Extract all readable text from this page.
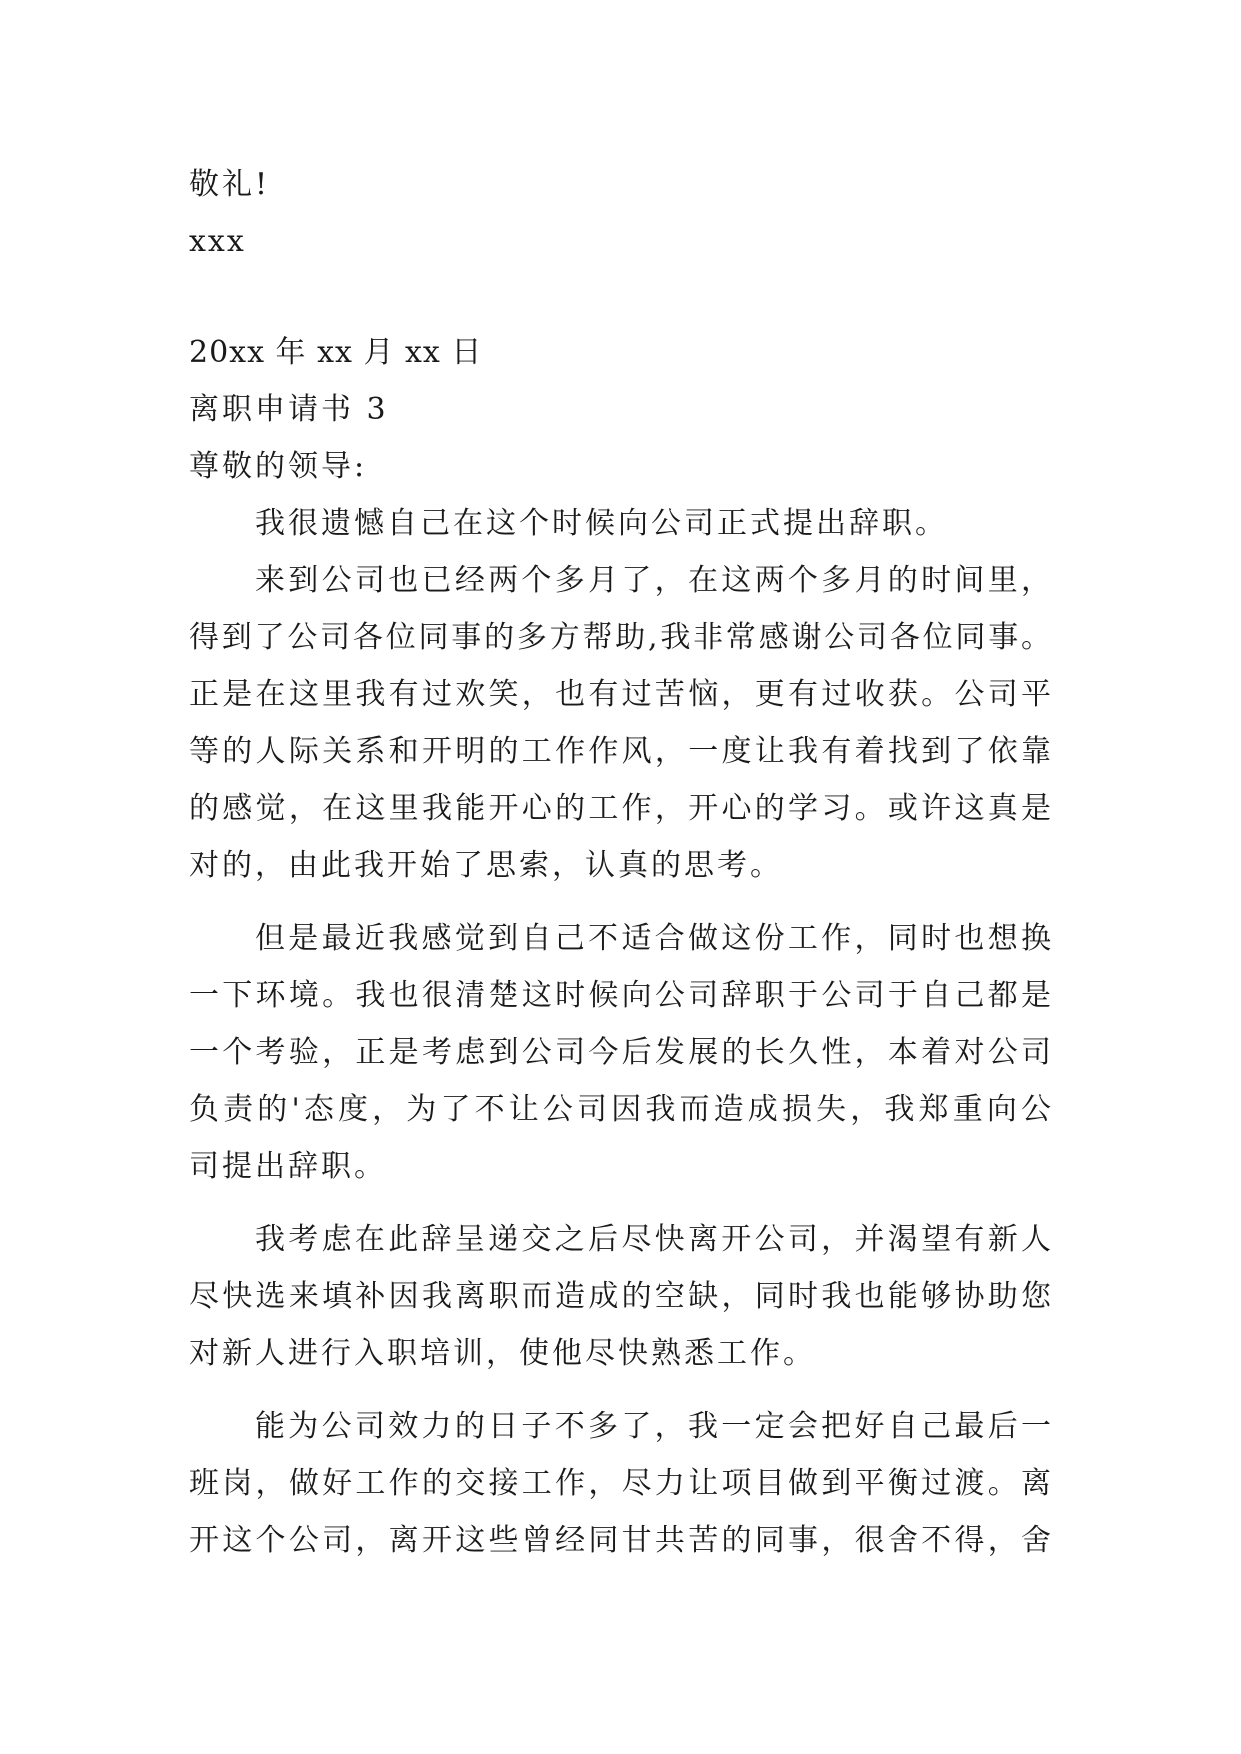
敬礼!
xxx
20xx 年 xx 月 xx 日
离职申请书 3
尊敬的领导:
我很遗憾自己在这个时候向公司正式提出辞职。
来到公司也已经两个多月了，在这两个多月的时间里，
得到了公司各位同事的多方帮助,我非常感谢公司各位同事。
正是在这里我有过欢笑，也有过苦恼，更有过收获。公司平
等的人际关系和开明的工作作风，一度让我有着找到了依靠
的感觉，在这里我能开心的工作，开心的学习。或许这真是
对的，由此我开始了思索，认真的思考。
但是最近我感觉到自己不适合做这份工作，同时也想换
一下环境。我也很清楚这时候向公司辞职于公司于自己都是
一个考验，正是考虑到公司今后发展的长久性，本着对公司
负责的'态度，为了不让公司因我而造成损失，我郑重向公
司提出辞职。
我考虑在此辞呈递交之后尽快离开公司，并渴望有新人
尽快选来填补因我离职而造成的空缺，同时我也能够协助您
对新人进行入职培训，使他尽快熟悉工作。
能为公司效力的日子不多了，我一定会把好自己最后一
班岗，做好工作的交接工作，尽力让项目做到平衡过渡。离
开这个公司，离开这些曾经同甘共苦的同事，很舍不得，舍
